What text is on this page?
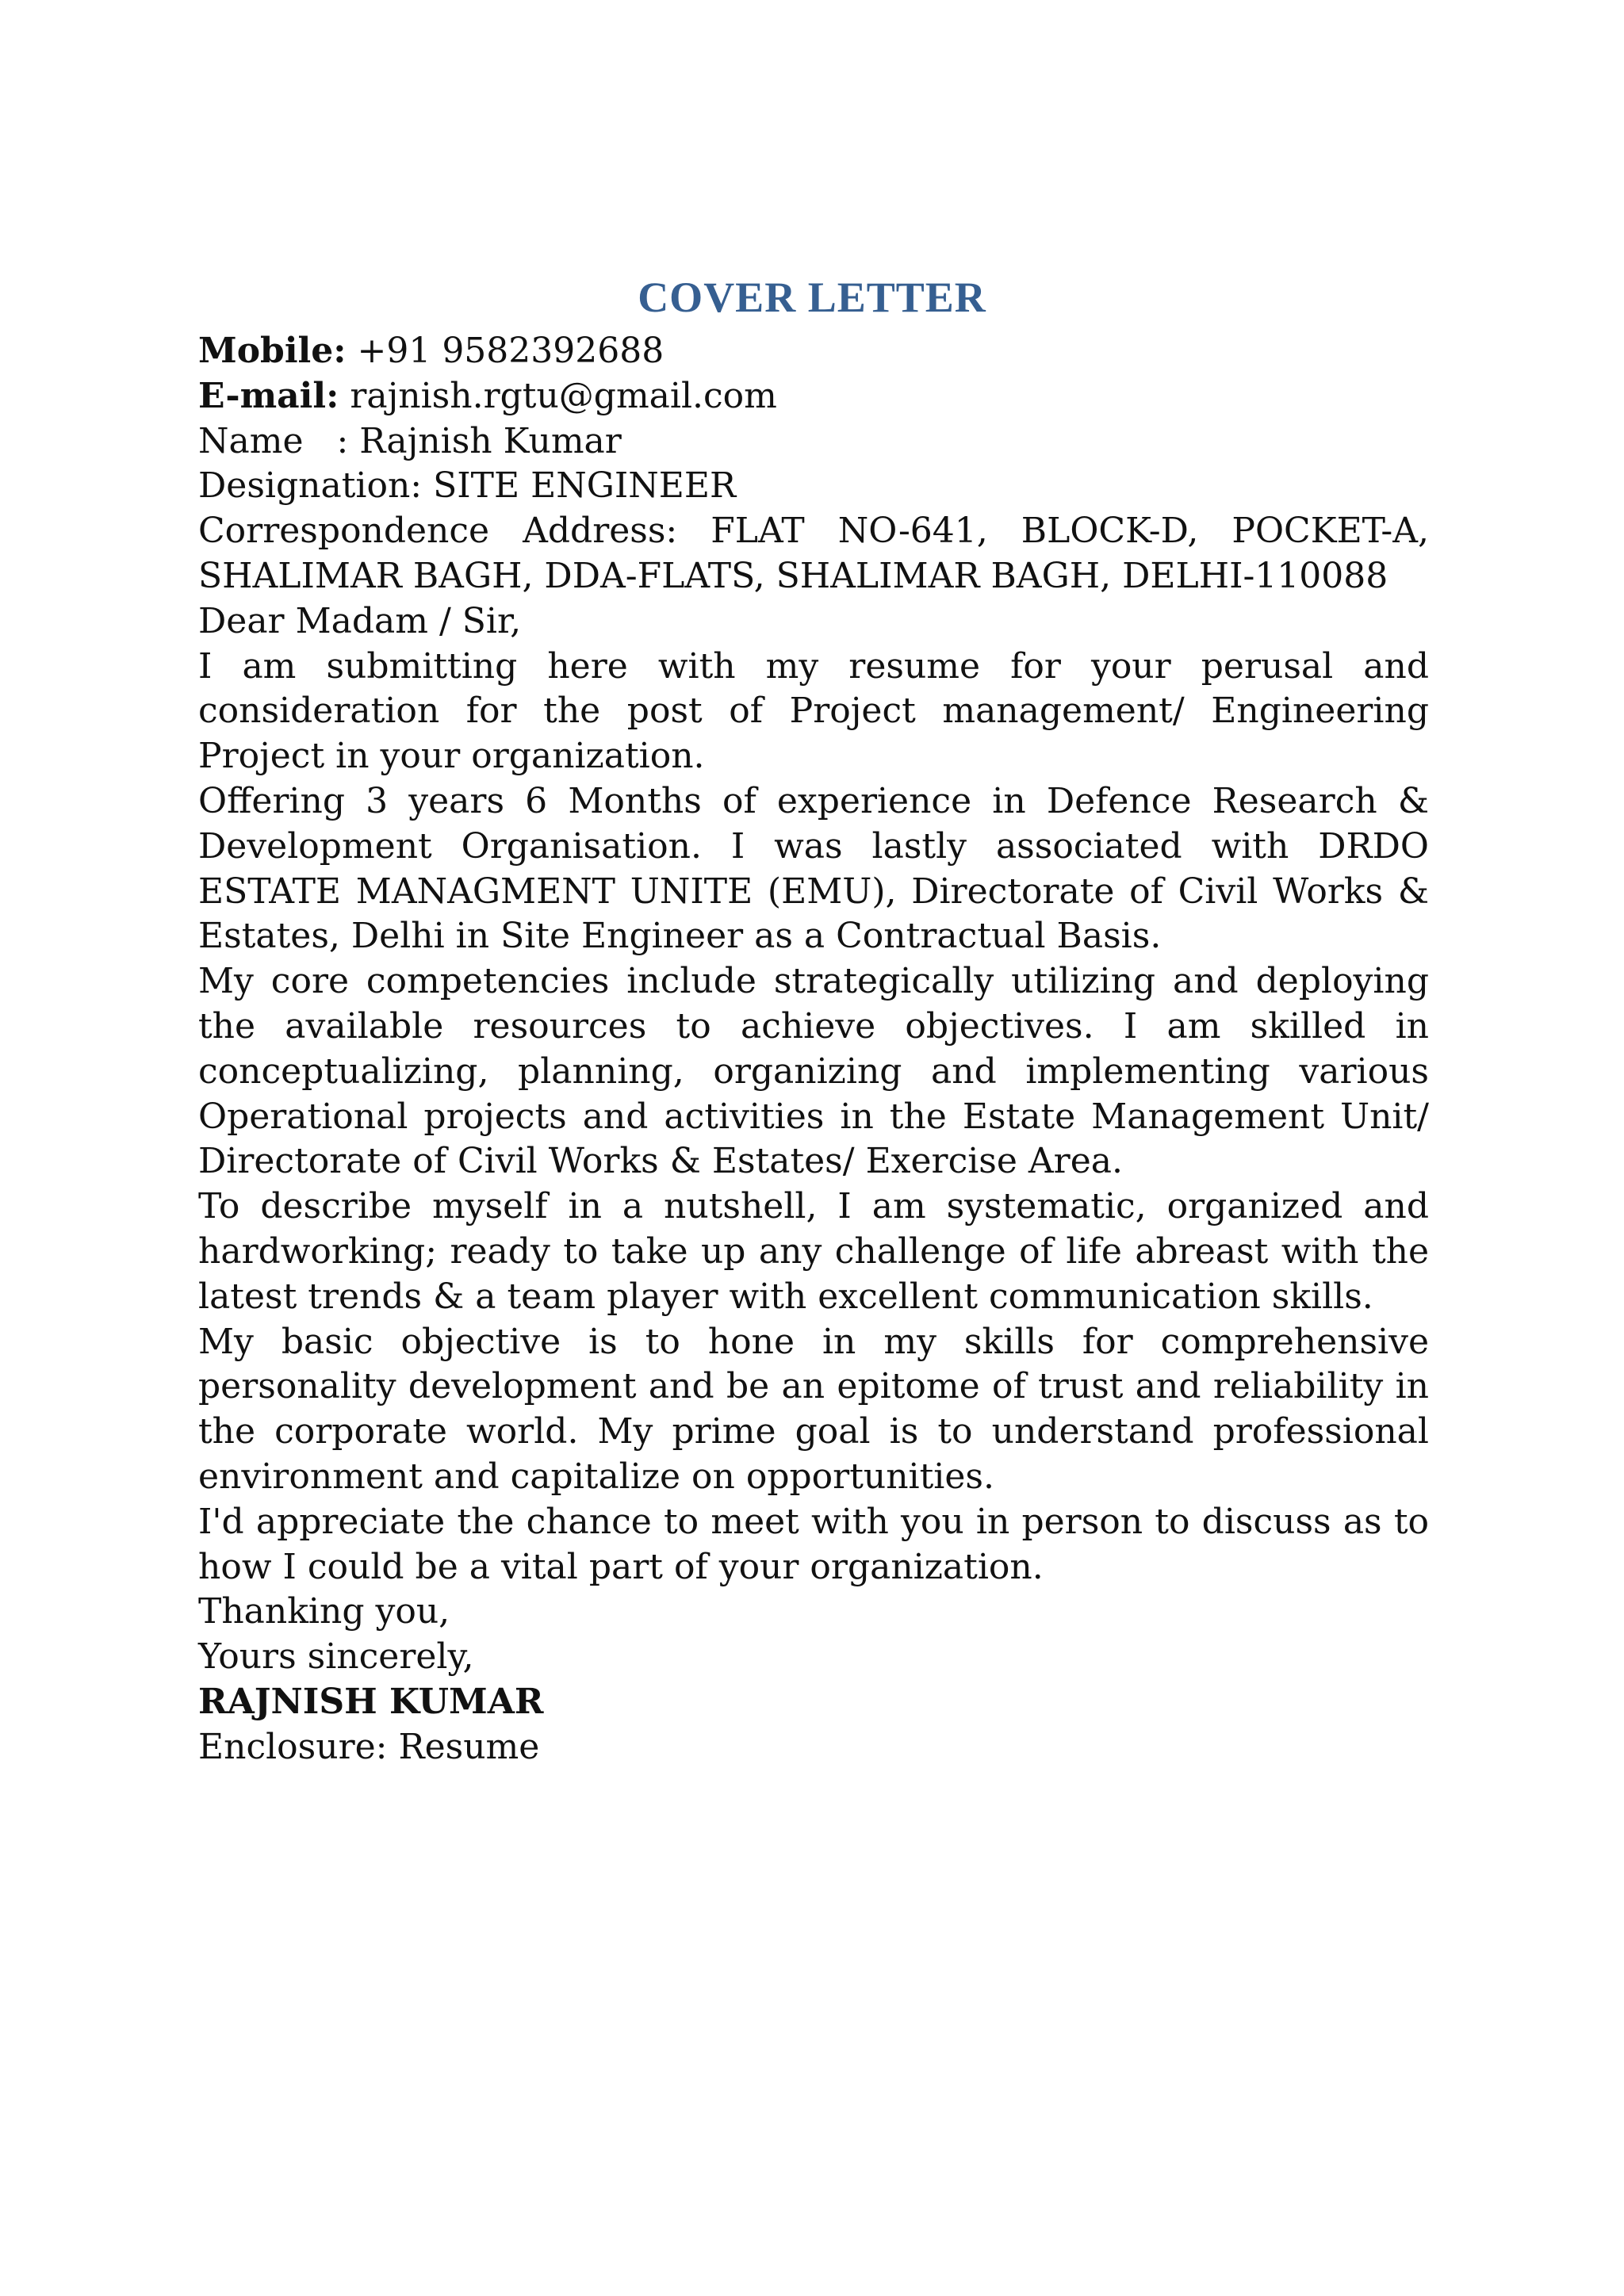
COVER LETTER
Mobile: +91 9582392688
E-mail: rajnish.rgtu@gmail.com
Name   : Rajnish Kumar
Designation: SITE ENGINEER
Correspondence Address: FLAT NO-641, BLOCK-D, POCKET-A, SHALIMAR BAGH, DDA-FLATS, SHALIMAR BAGH, DELHI-110088
Dear Madam / Sir,
I am submitting here with my resume for your perusal and consideration for the post of Project management/ Engineering Project in your organization.
Offering 3 years 6 Months of experience in Defence Research & Development Organisation. I was lastly associated with DRDO ESTATE MANAGMENT UNITE (EMU), Directorate of Civil Works & Estates, Delhi in Site Engineer as a Contractual Basis.
My core competencies include strategically utilizing and deploying the available resources to achieve objectives. I am skilled in conceptualizing, planning, organizing and implementing various Operational projects and activities in the Estate Management Unit/ Directorate of Civil Works & Estates/ Exercise Area.
To describe myself in a nutshell, I am systematic, organized and hardworking; ready to take up any challenge of life abreast with the latest trends & a team player with excellent communication skills.
My basic objective is to hone in my skills for comprehensive personality development and be an epitome of trust and reliability in the corporate world. My prime goal is to understand professional environment and capitalize on opportunities.
I'd appreciate the chance to meet with you in person to discuss as to how I could be a vital part of your organization.
Thanking you,
Yours sincerely,
RAJNISH KUMAR
Enclosure: Resume
